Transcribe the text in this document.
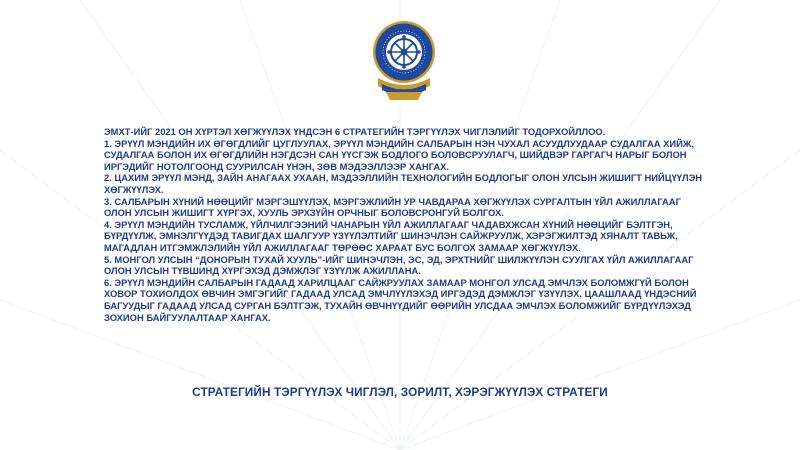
ЭМХТ-ИЙГ 2021 ОН ХҮРТЭЛ ХӨГЖҮҮЛЭХ ҮНДСЭН 6 СТРАТЕГИЙН ТЭРГҮҮЛЭХ ЧИГЛЭЛИЙГ ТОДОРХОЙЛЛОО.

1. ЭРҮҮЛ МЭНДИЙН ИХ ӨГӨГДЛИЙГ ЦУГЛУУЛАХ, ЭРҮҮЛ МЭНДИЙН САЛБАРЫН НЭН ЧУХАЛ АСУУДЛУУДААР СУДАЛГАА ХИЙЖ, СУДАЛГАА БОЛОН ИХ ӨГӨГДЛИЙН НЭГДСЭН САН ҮҮСГЭЖ БОДЛОГО БОЛОВСРУУЛАГЧ, ШИЙДВЭР ГАРГАГЧ НАРЫГ БОЛОН ИРГЭДИЙГ НОТОЛГООНД СУУРИЛСАН ҮНЭН, ЗӨВ МЭДЭЭЛЛЭЭР ХАНГАХ.

2. ЦАХИМ ЭРҮҮЛ МЭНД, ЗАЙН АНАГААХ УХААН, МЭДЭЭЛЛИЙН ТЕХНОЛОГИЙН БОДЛОГЫГ ОЛОН УЛСЫН ЖИШИГТ НИЙЦҮҮЛЭН ХӨГЖҮҮЛЭХ.

3. САЛБАРЫН ХҮНИЙ НӨӨЦИЙГ МЭРГЭШҮҮЛЭХ, МЭРГЭЖЛИЙН УР ЧАВДАРАА ХӨГЖҮҮЛЭХ СУРГАЛТЫН ҮЙЛ АЖИЛЛАГААГ ОЛОН УЛСЫН ЖИШИГТ ХҮРГЭХ, ХУУЛЬ ЭРХЗҮЙН ОРЧНЫГ БОЛОВСРОНГУЙ БОЛГОХ.

4. ЭРҮҮЛ МЭНДИЙН ТУСЛАМЖ, ҮЙЛЧИЛГЭЭНИЙ ЧАНАРЫН ҮЙЛ АЖИЛЛАГААГ ЧАДАВХЖСАН ХҮНИЙ НӨӨЦИЙГ БЭЛТГЭН, БҮРДҮҮЛЖ, ЭМНЭЛГҮҮДЭД ТАВИГДАХ ШАЛГУУР ҮЗҮҮЛЭЛТИЙГ ШИНЭЧЛЭН САЙЖРУУЛЖ, ХЭРЭГЖИЛТЭД ХЯНАЛТ ТАВЬЖ, МАГАДЛАН ИТГЭМЖЛЭЛИЙН ҮЙЛ АЖИЛЛАГААГ ТӨРӨӨС ХАРААТ БУС БОЛГОХ ЗАМААР ХӨГЖҮҮЛЭХ.

5. МОНГОЛ УЛСЫН “ДОНОРЫН ТУХАЙ ХУУЛЬ”-ИЙГ ШИНЭЧЛЭН, ЭС, ЭД, ЭРХТНИЙГ ШИЛЖҮҮЛЭН СУУЛГАХ ҮЙЛ АЖИЛЛАГААГ ОЛОН УЛСЫН ТҮВШИНД ХҮРГЭХЭД ДЭМЖЛЭГ ҮЗҮҮЛЖ АЖИЛЛАНА.

6. ЭРҮҮЛ МЭНДИЙН САЛБАРЫН ГАДААД ХАРИЛЦААГ САЙЖРУУЛАХ ЗАМААР МОНГОЛ УЛСАД ЭМЧЛЭХ БОЛОМЖГҮЙ БОЛОН ХОВОР ТОХИОЛДОХ ӨВЧИН ЭМГЭГИЙГ ГАДААД УЛСАД ЭМЧЛҮҮЛЭХЭД ИРГЭДЭД ДЭМЖЛЭГ ҮЗҮҮЛЭХ, ЦААШЛААД ҮНДЭСНИЙ БАГУУДЫГ ГАДААД УЛСАД СУРГАН БЭЛТГЭЖ, ТУХАЙН ӨВЧНҮҮДИЙГ ӨӨРИЙН УЛСДАА ЭМЧЛЭХ БОЛОМЖИЙГ БҮРДҮҮЛЭХЭД ЗОХИОН БАЙГУУЛАЛТААР ХАНГАХ.

СТРАТЕГИЙН ТЭРГҮҮЛЭХ ЧИГЛЭЛ, ЗОРИЛТ, ХЭРЭГЖҮҮЛЭХ СТРАТЕГИ
